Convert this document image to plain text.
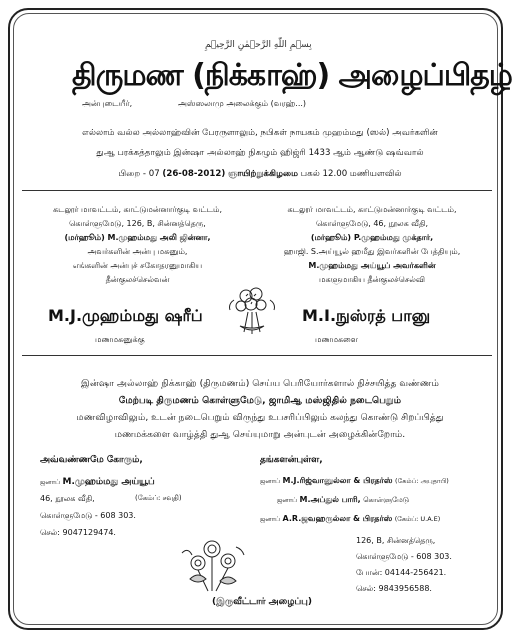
بِسۡمِ اللّٰهِ الرَّحۡمٰنِ الرَّحِيۡمِ
திருமண (நிக்காஹ்) அழைப்பிதழ்
அன்புடையீர்,	அஸ்ஸலாமு அலைக்கும் (வரஹ்...)
எல்லாம் வல்ல அல்லாஹ்வின் பேரருளாலும், நபிகள் நாயகம் முஹம்மது (ஸல்) அவர்களின்
துஆ பரக்கத்தாலும் இன்ஷா அல்லாஹ் நிகழும் ஹிஜ்ரி 1433 ஆம் ஆண்டு ஷவ்வால்
பிறை - 07 (26-08-2012) ஞாயிற்றுக்கிழமை பகல் 12.00 மணியளவில்
கடலூர் மாவட்டம், காட்டுமன்னார்குடி வட்டம்,
கொள்ளுமேடு, 126, B, சின்னத்தெரு,
(மர்ஹூம்) M.முஹம்மது அலி ஜின்னா,
அவர்களின் அன்பு மகனும்,
எங்களின் அன்புச் சகோதரனுமாகிய
தீன்குலச்செல்வன்
M.J.முஹம்மது ஷரீப்
மணமகனுக்கு
கடலூர் மாவட்டம், காட்டுமன்னார்குடி வட்டம்,
கொள்ளுமேடு, 46, நூலக வீதி,
(மர்ஹூம்) P.முஹம்மது முக்தார்,
ஹாஜி. S.அய்யூல் ஹமீது இவர்களின் பேத்தியும்,
M.முஹம்மது அய்யூப் அவர்களின்
மகளுமாகிய தீன்குலச்செல்வி
M.I.நுஸ்ரத் பானு
மணமகளை

இன்ஷா அல்லாஹ் நிக்காஹ் (திருமணம்) செய்ய பெரியோர்களால் நிச்சயித்த வண்ணம்

மேற்படி திருமணம் கொள்ளுமேடு, ஜாமிஆ மஸ்ஜிதில் நடைபெறும்

மணவிழாவிலும், உடன் நடைபெறும் விருந்து உபசரிப்பிலும் கலந்து கொண்டு சிறப்பித்து

மணமக்களை வாழ்த்தி துஆ செய்யுமாறு அன்புடன் அழைக்கின்றோம்.

அவ்வண்ணமே கோரும்,
ஜனாப் M.முஹம்மது அய்யூப்
46, நூலக வீதி,	(கேம்ப்: சவுதி)
கொள்ளுமேடு - 608 303.
செல்: 9047129474.
தங்களன்புள்ள,
ஜனாப் M.J.ரிஜ்வானுல்லா & பிரதர்ஸ் (கேம்ப்: அபுதாபி)
ஜனாப் M.அப்துல் பாரி, கொள்ளுமேடு
ஜனாப் A.R.ஜவஹருல்லா & பிரதர்ஸ் (கேம்ப்: U.A.E)
126, B, சின்னத்தெரு,
கொள்ளுமேடு - 608 303.
போன்: 04144-256421.
செல்: 9843956588.
(இருவீட்டார் அழைப்பு)
